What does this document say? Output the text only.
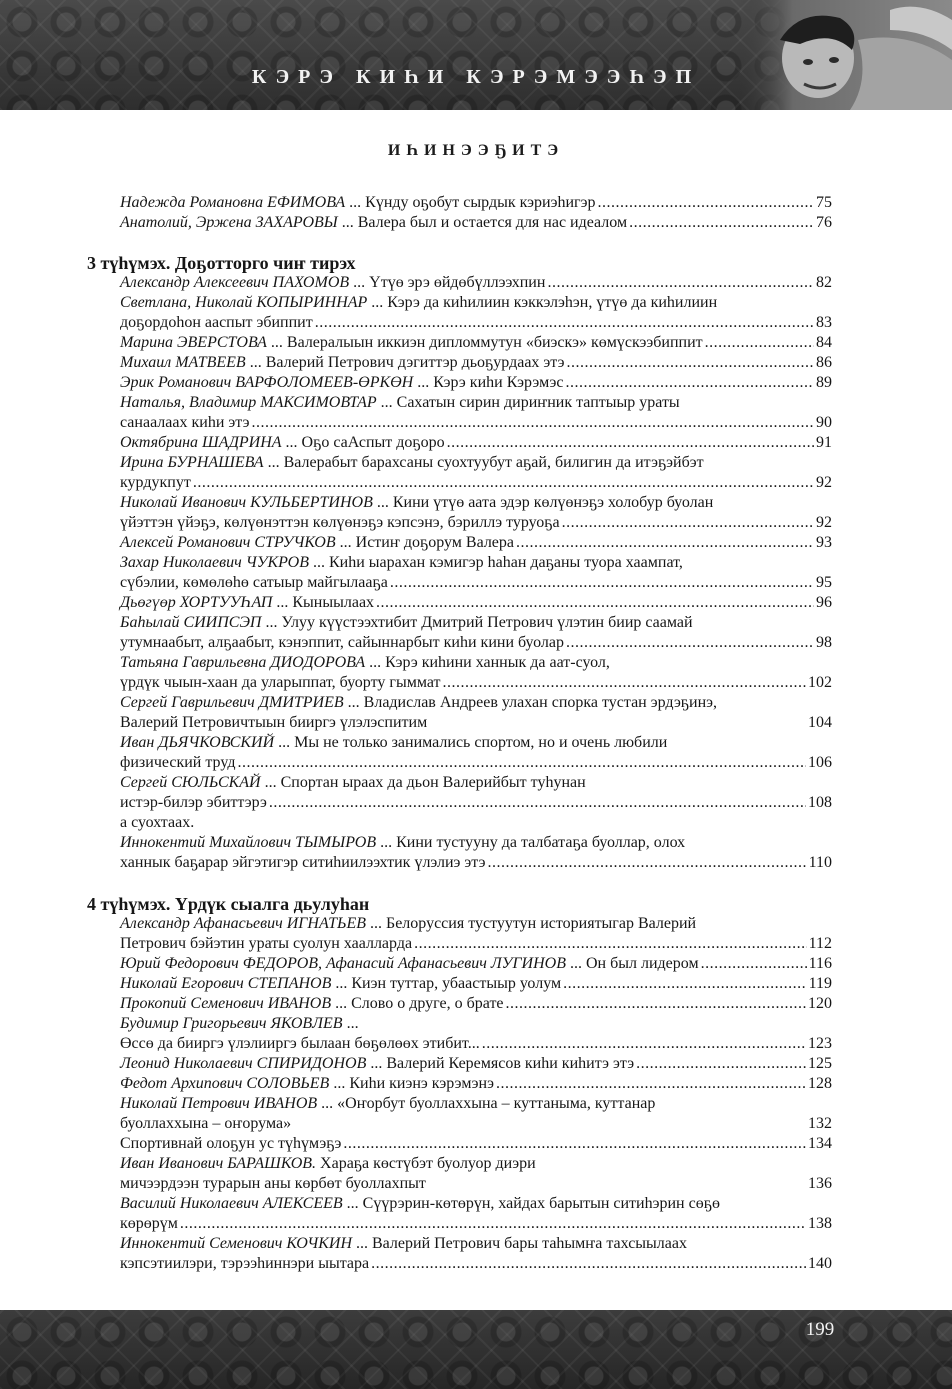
КЭРЭ КИҺИ КЭРЭМЭЭҺЭП
ИҺИНЭЭҔИТЭ
Надежда Романовна ЕФИМОВА ... Күнду оҕобут сырдык кэриэһигэр .....	75
Анатолий, Эржена ЗАХАРОВЫ ... Валера был и остается для нас идеалом .....	76
3 түһүмэх. Доҕотторго чиҥ тирэх
Александр Алексеевич ПАХОМОВ ... Үтүө эрэ өйдөбүллээхпин .....	82
Светлана, Николай КОПЫРИННАР ... Кэрэ да киһилиин кэккэлэһэн, үтүө да киһилиин
доҕордоһон ааспыт эбиппит .....	83
Марина ЭВЕРСТОВА ... Валералыын иккиэн дипломмутун «биэскэ» көмүскээбиппит .....	84
Михаил МАТВЕЕВ ... Валерий Петрович дэгиттэр дьоҕурдаах этэ .....	86
Эрик Романович ВАРФОЛОМЕЕВ-ӨРКӨН ... Кэрэ киһи Кэрэмэс .....	89
Наталья, Владимир МАКСИМОВТАР ... Сахатын сирин дириҥник таптыыр ураты
санаалаах киһи этэ .....	90
Октябрина ШАДРИНА ... Оҕо саАспыт доҕоро .....	91
Ирина БУРНАШЕВА ... Валерабыт барахсаны суохтуубут аҕай, билигин да итэҕэйбэт
курдукпут .....	92
Николай Иванович КУЛЬБЕРТИНОВ ... Кини үтүө аата эдэр көлүөнэҕэ холобур буолан
үйэттэн үйэҕэ, көлүөнэттэн көлүөнэҕэ кэпсэнэ, бэриллэ туруоҕа .....	92
Алексей Романович СТРУЧКОВ ... Истиҥ доҕорум Валера .....	93
Захар Николаевич ЧУКРОВ ... Киһи ыарахан кэмигэр һаһан даҕаны туора хаампат,
сүбэлии, көмөлөһө сатыыр майгылааҕа .....	95
Дьөгүөр ХОРТУУҺАП ... Кыныылаах .....	96
Баһылай СИИПСЭП ... Улуу күүстээхтибит Дмитрий Петрович үлэтин биир саамай
утумнаабыт, алҕаабыт, кэнэппит, сайыннарбыт киһи кини буолар .....	98
Татьяна Гаврильевна ДИОДОРОВА ... Кэрэ киһини ханнык да аат-суол,
үрдүк чыын-хаан да уларыппат, буорту гыммат .....	102
Сергей Гаврильевич ДМИТРИЕВ ... Владислав Андреев улахан спорка тустан эрдэҕинэ,
Валерий Петровичтыын бииргэ үлэлэспитим	104
Иван ДЬЯЧКОВСКИЙ ... Мы не только занимались спортом, но и очень любили
физический труд .....	106
Сергей СЮЛЬСКАЙ ... Спортан ыраах да дьон Валерийбыт туһунан
истэр-билэр эбиттэрэ .....	108
а суохтаах.
Иннокентий Михайлович ТЫМЫРОВ ... Кини тустууну да талбатаҕа буоллар, олох
ханнык баҕарар эйгэтигэр ситиһиилээхтик үлэлиэ этэ .....	110
4 түһүмэх. Үрдүк сыалга дьулуһан
Александр Афанасьевич ИГНАТЬЕВ ... Белоруссия тустуутун историятыгар Валерий
Петрович бэйэтин ураты суолун хаалларда .....	112
Юрий Федорович ФЕДОРОВ, Афанасий Афанасьевич ЛУГИНОВ ... Он был лидером .....	116
Николай Егорович СТЕПАНОВ ... Киэн туттар, убаастыыр уолум .....	119
Прокопий Семенович ИВАНОВ ... Слово о друге, о брате .....	120
Будимир Григорьевич ЯКОВЛЕВ ...
Өссө да бииргэ үлэлииргэ былаан бөҕөлөөх этибит... .....	123
Леонид Николаевич СПИРИДОНОВ ... Валерий Керемясов киһи киһитэ этэ .....	125
Федот Архипович СОЛОВЬЕВ ... Киһи киэнэ кэрэмэнэ .....	128
Николай Петрович ИВАНОВ ... «Оҥорбут буоллаххына – куттаныма, куттанар
буоллаххына – оҥорума»	132
Спортивнай олоҕун ус түһүмэҕэ .....	134
Иван Иванович БАРАШКОВ. Хараҕа көстүбэт буолуор диэри
мичээрдээн турарын аны көрбөт буоллахпыт	136
Василий Николаевич АЛЕКСЕЕВ ... Сүүрэрин-көтөрүн, хайдах барытын ситиһэрин сөҕө
көрөрүм .....	138
Иннокентий Семенович КОЧКИН ... Валерий Петрович бары таһымҥа тахсыылаах
кэпсэтиилэри, тэрээһиннэри ыытара .....	140
199
